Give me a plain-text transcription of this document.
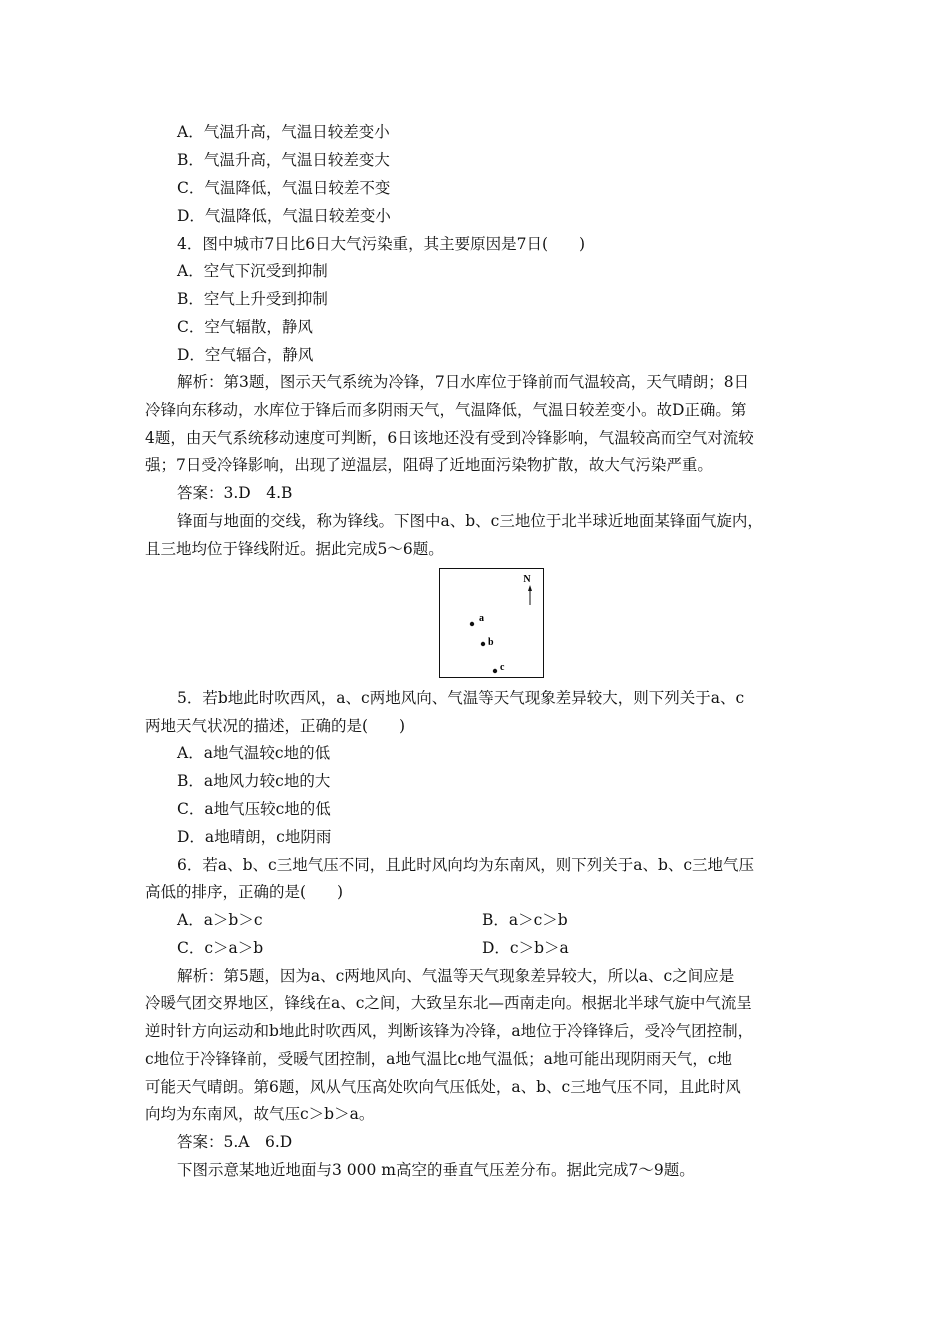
A．气温升高，气温日较差变小

B．气温升高，气温日较差变大

C．气温降低，气温日较差不变

D．气温降低，气温日较差变小

4．图中城市7日比6日大气污染重，其主要原因是7日(　　)

A．空气下沉受到抑制

B．空气上升受到抑制

C．空气辐散，静风

D．空气辐合，静风

解析：第3题，图示天气系统为冷锋，7日水库位于锋前而气温较高，天气晴朗；8日

冷锋向东移动，水库位于锋后而多阴雨天气，气温降低，气温日较差变小。故D正确。第

4题，由天气系统移动速度可判断，6日该地还没有受到冷锋影响，气温较高而空气对流较

强；7日受冷锋影响，出现了逆温层，阻碍了近地面污染物扩散，故大气污染严重。

答案：3.D　4.B

锋面与地面的交线，称为锋线。下图中a、b、c三地位于北半球近地面某锋面气旋内，

且三地均位于锋线附近。据此完成5～6题。

N
a
b
c

5．若b地此时吹西风，a、c两地风向、气温等天气现象差异较大，则下列关于a、c

两地天气状况的描述，正确的是(　　)

A．a地气温较c地的低

B．a地风力较c地的大

C．a地气压较c地的低

D．a地晴朗，c地阴雨

6．若a、b、c三地气压不同，且此时风向均为东南风，则下列关于a、b、c三地气压

高低的排序，正确的是(　　)

A．a＞b＞c	B．a＞c＞b

C．c＞a＞b	D．c＞b＞a

解析：第5题，因为a、c两地风向、气温等天气现象差异较大，所以a、c之间应是

冷暖气团交界地区，锋线在a、c之间，大致呈东北—西南走向。根据北半球气旋中气流呈

逆时针方向运动和b地此时吹西风，判断该锋为冷锋，a地位于冷锋锋后，受冷气团控制，

c地位于冷锋锋前，受暖气团控制，a地气温比c地气温低；a地可能出现阴雨天气，c地

可能天气晴朗。第6题，风从气压高处吹向气压低处，a、b、c三地气压不同，且此时风

向均为东南风，故气压c＞b＞a。

答案：5.A　6.D

下图示意某地近地面与3 000 m高空的垂直气压差分布。据此完成7～9题。
